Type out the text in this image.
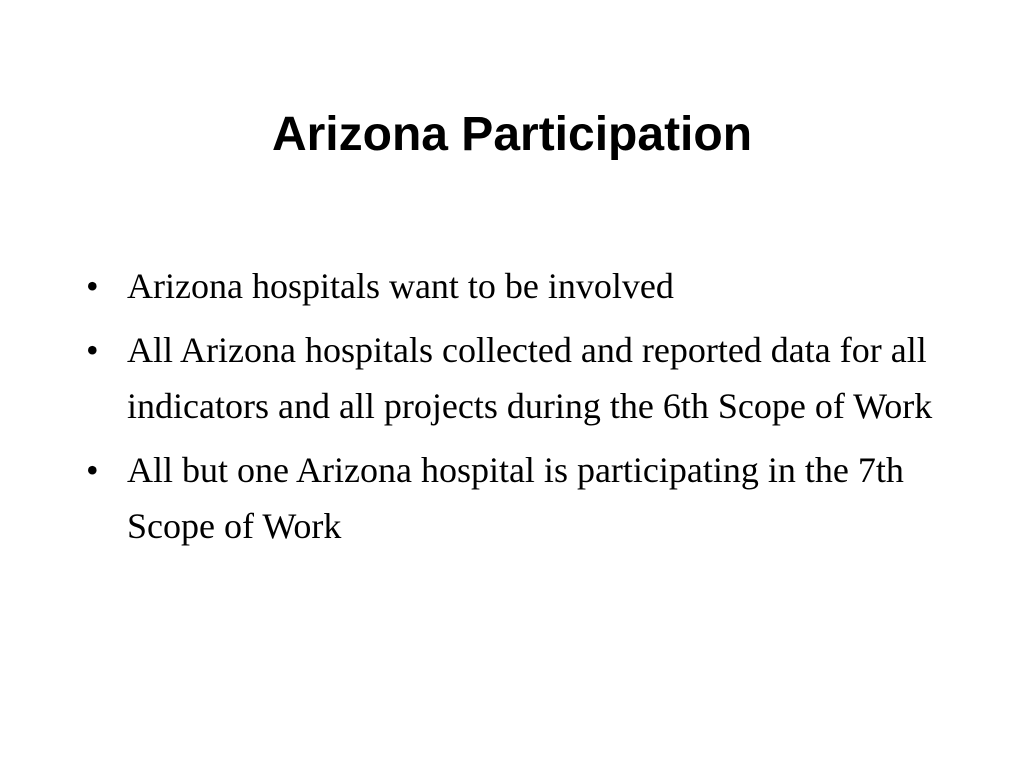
Arizona Participation
• Arizona hospitals want to be involved
• All Arizona hospitals collected and reported data for all indicators and all projects during the 6th Scope of Work
• All but one Arizona hospital is participating in the 7th Scope of Work
